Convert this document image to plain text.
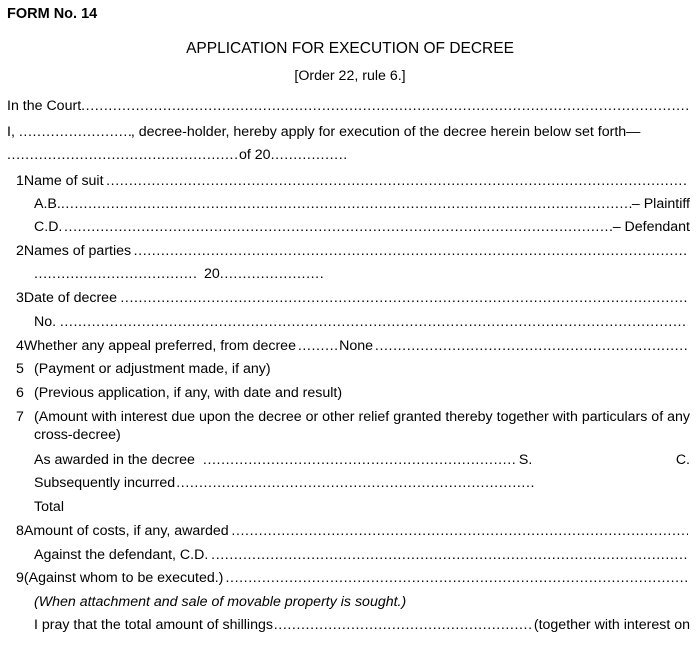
FORM No. 14
APPLICATION FOR EXECUTION OF DECREE
[Order 22, rule 6.]
In the Court
.....
I, .....	, decree-holder, hereby apply for execution of the decree herein below set forth—
.....
of 20
.....
1 Name of suit
.....
A.B. .....	– Plaintiff
C.D. .....	– Defendant
2 Names of parties
.....
.....
20
.....
3 Date of decree
.....
No.
.....
4 Whether any appeal preferred, from decree .....	None
.....
5 (Payment or adjustment made, if any)
6 (Previous application, if any, with date and result)
7 (Amount with interest due upon the decree or other relief granted thereby together with particulars of any cross-decree)
As awarded in the decree .....	S.	C.
Subsequently incurred
.....
Total
8 Amount of costs, if any, awarded
.....
Against the defendant, C.D.
.....
9 (Against whom to be executed.)
.....
(When attachment and sale of movable property is sought.)
I pray that the total amount of shillings .....	(together with interest on
